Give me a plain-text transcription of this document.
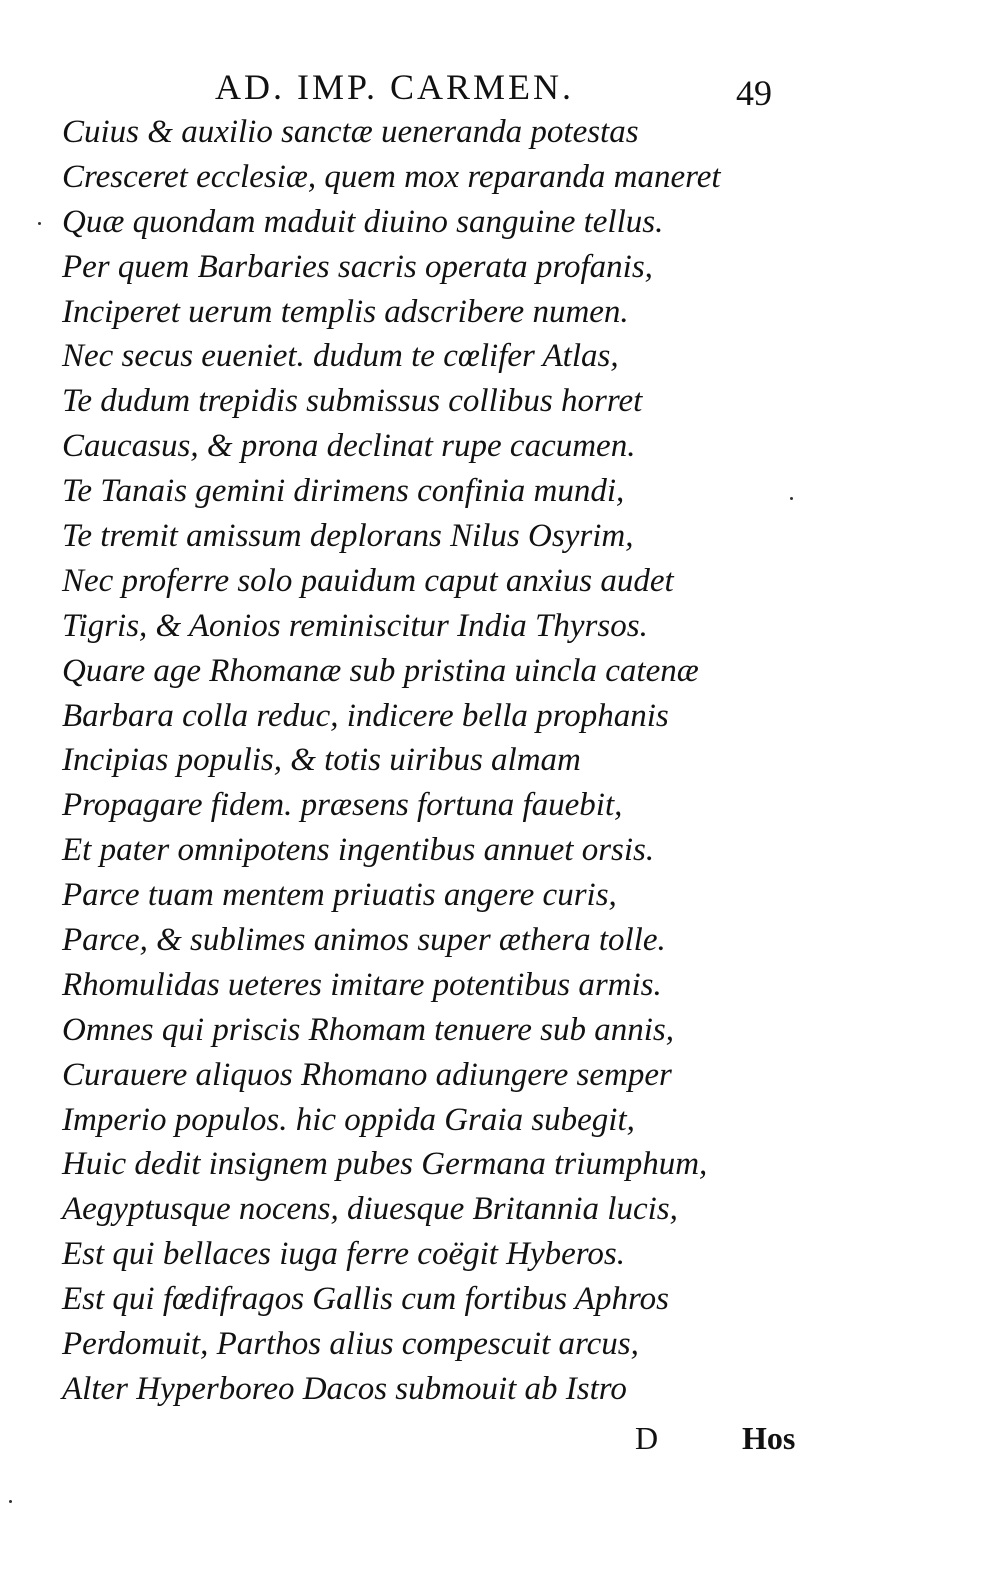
AD. IMP. CARMEN.	49
Cuius & auxilio sanctæ ueneranda potestas
Cresceret ecclesiæ, quem mox reparanda maneret
Quæ quondam maduit diuino sanguine tellus.
Per quem Barbaries sacris operata profanis,
Inciperet uerum templis adscribere numen.
Nec secus eueniet. dudum te cœlifer Atlas,
Te dudum trepidis submissus collibus horret
Caucasus, & prona declinat rupe cacumen.
Te Tanais gemini dirimens confinia mundi,
Te tremit amissum deplorans Nilus Osyrim,
Nec proferre solo pauidum caput anxius audet
Tigris, & Aonios reminiscitur India Thyrsos.
Quare age Rhomanæ sub pristina uincla catenæ
Barbara colla reduc, indicere bella prophanis
Incipias populis, & totis uiribus almam
Propagare fidem. præsens fortuna fauebit,
Et pater omnipotens ingentibus annuet orsis.
Parce tuam mentem priuatis angere curis,
Parce, & sublimes animos super æthera tolle.
Rhomulidas ueteres imitare potentibus armis.
Omnes qui priscis Rhomam tenuere sub annis,
Curauere aliquos Rhomano adiungere semper
Imperio populos. hic oppida Graia subegit,
Huic dedit insignem pubes Germana triumphum,
Aegyptusque nocens, diuesque Britannia lucis,
Est qui bellaces iuga ferre coëgit Hyberos.
Est qui fœdifragos Gallis cum fortibus Aphros
Perdomuit, Parthos alius compescuit arcus,
Alter Hyperboreo Dacos submouit ab Istro
D	Hos
